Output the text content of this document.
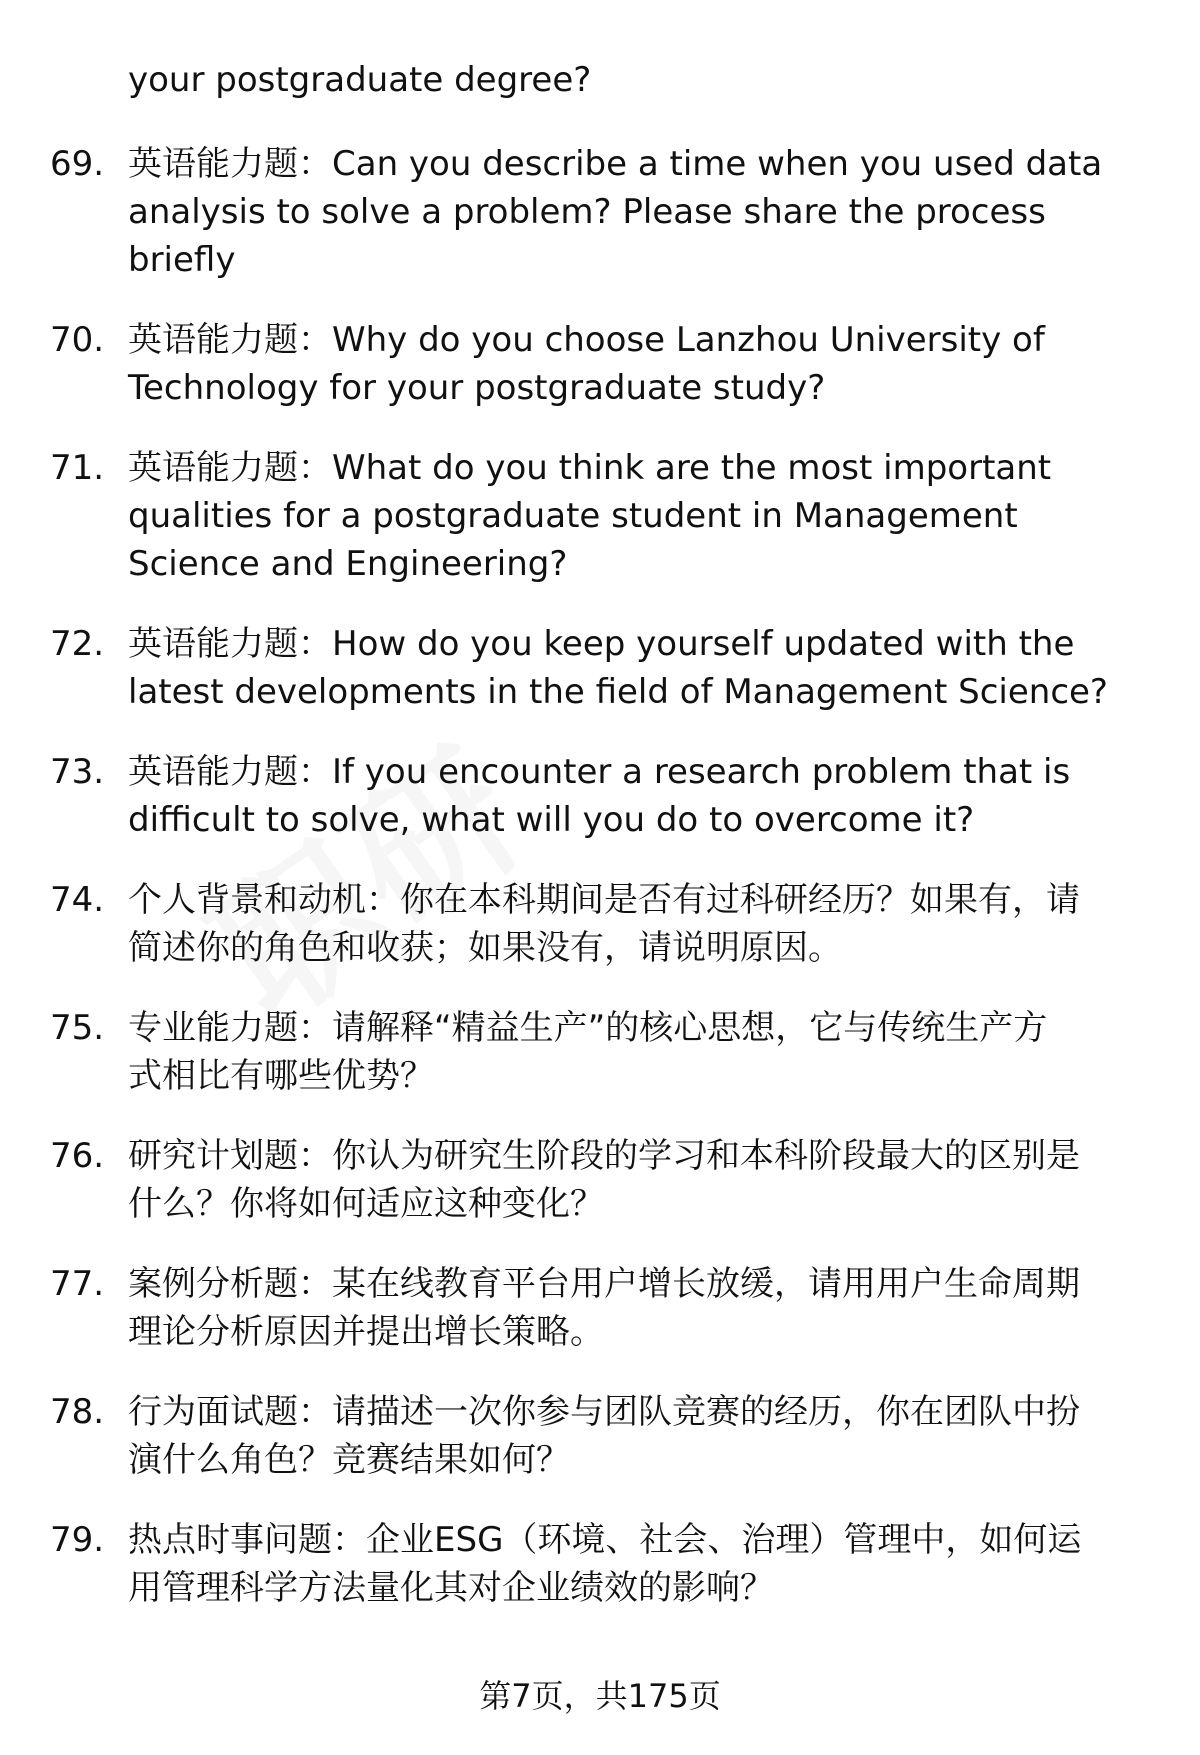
your postgraduate degree?
69. 英语能力题：Can you describe a time when you used data
analysis to solve a problem? Please share the process
briefly
70. 英语能力题：Why do you choose Lanzhou University of
Technology for your postgraduate study?
71. 英语能力题：What do you think are the most important
qualities for a postgraduate student in Management
Science and Engineering?
72. 英语能力题：How do you keep yourself updated with the
latest developments in the field of Management Science?
73. 英语能力题：If you encounter a research problem that is
difficult to solve, what will you do to overcome it?
74. 个人背景和动机：你在本科期间是否有过科研经历？如果有，请
简述你的角色和收获；如果没有，请说明原因。
75. 专业能力题：请解释“精益生产”的核心思想，它与传统生产方
式相比有哪些优势？
76. 研究计划题：你认为研究生阶段的学习和本科阶段最大的区别是
什么？你将如何适应这种变化？
77. 案例分析题：某在线教育平台用户增长放缓，请用用户生命周期
理论分析原因并提出增长策略。
78. 行为面试题：请描述一次你参与团队竞赛的经历，你在团队中扮
演什么角色？竞赛结果如何？
79. 热点时事问题：企业ESG（环境、社会、治理）管理中，如何运
用管理科学方法量化其对企业绩效的影响？
第7页，共175页
